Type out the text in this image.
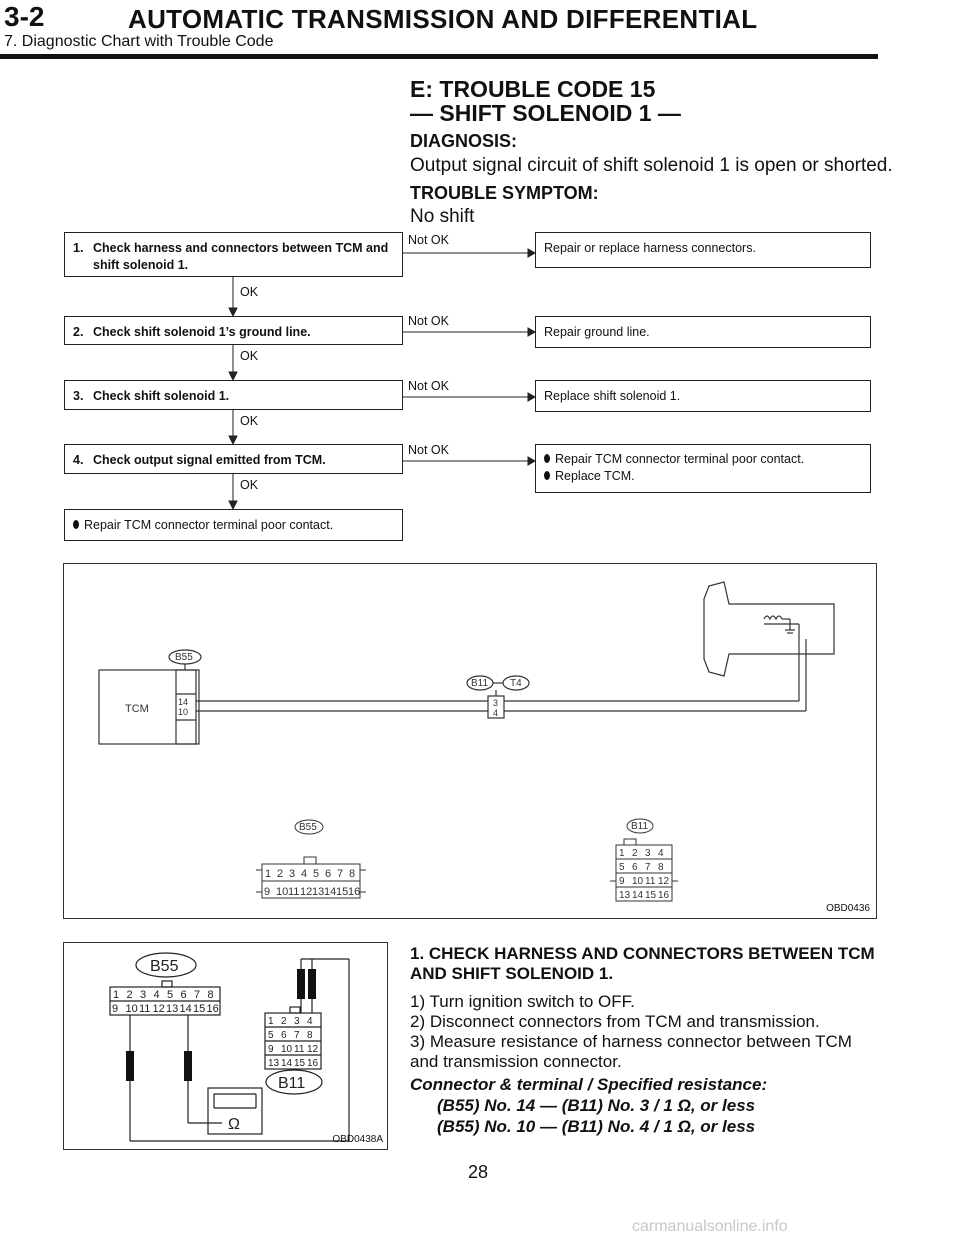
3-2	AUTOMATIC TRANSMISSION AND DIFFERENTIAL
7. Diagnostic Chart with Trouble Code
E: TROUBLE CODE 15
— SHIFT SOLENOID 1 —
DIAGNOSIS:
Output signal circuit of shift solenoid 1 is open or shorted.
TROUBLE SYMPTOM:
No shift
1. Check harness and connectors between TCM and shift solenoid 1.
Not OK
Repair or replace harness connectors.
OK
2. Check shift solenoid 1’s ground line.
Not OK
Repair ground line.
OK
3. Check shift solenoid 1.
Not OK
Replace shift solenoid 1.
OK
4. Check output signal emitted from TCM.
Not OK
Repair TCM connector terminal poor contact.
Replace TCM.
OK
Repair TCM connector terminal poor contact.
B55
B11 T4
TCM
14
10
3
4
B55	B11
1 2 3 4 5 6 7 8
9 10 11 12 13 14 15 16
1 2 3 4
5 6 7 8
9 10 11 12
13 14 15 16
OBD0436
B55
B11
Ω
1 2 3 4 5 6 7 8
9 10 11 12 13 14 15 16
1 2 3 4
5 6 7 8
9 10 11 12
13 14 15 16
OBD0438A
1. CHECK HARNESS AND CONNECTORS BETWEEN TCM AND SHIFT SOLENOID 1.
1) Turn ignition switch to OFF.
2) Disconnect connectors from TCM and transmission.
3) Measure resistance of harness connector between TCM and transmission connector.
Connector & terminal / Specified resistance:
(B55) No. 14 — (B11) No. 3 / 1 Ω, or less
(B55) No. 10 — (B11) No. 4 / 1 Ω, or less
28
carmanualsonline.info
